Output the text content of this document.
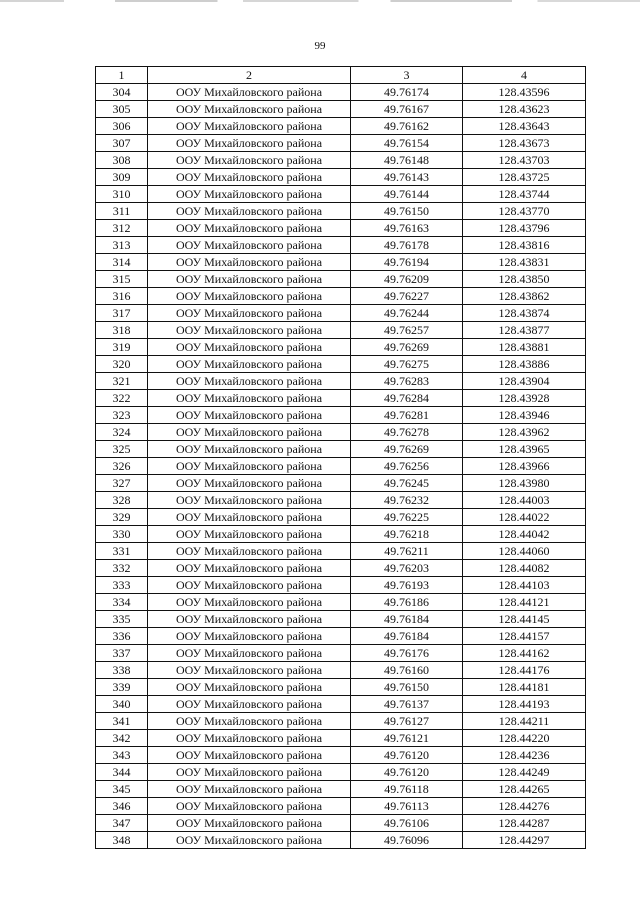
99
1	2	3	4
304	ООУ Михайловского района	49.76174	128.43596
305	ООУ Михайловского района	49.76167	128.43623
306	ООУ Михайловского района	49.76162	128.43643
307	ООУ Михайловского района	49.76154	128.43673
308	ООУ Михайловского района	49.76148	128.43703
309	ООУ Михайловского района	49.76143	128.43725
310	ООУ Михайловского района	49.76144	128.43744
311	ООУ Михайловского района	49.76150	128.43770
312	ООУ Михайловского района	49.76163	128.43796
313	ООУ Михайловского района	49.76178	128.43816
314	ООУ Михайловского района	49.76194	128.43831
315	ООУ Михайловского района	49.76209	128.43850
316	ООУ Михайловского района	49.76227	128.43862
317	ООУ Михайловского района	49.76244	128.43874
318	ООУ Михайловского района	49.76257	128.43877
319	ООУ Михайловского района	49.76269	128.43881
320	ООУ Михайловского района	49.76275	128.43886
321	ООУ Михайловского района	49.76283	128.43904
322	ООУ Михайловского района	49.76284	128.43928
323	ООУ Михайловского района	49.76281	128.43946
324	ООУ Михайловского района	49.76278	128.43962
325	ООУ Михайловского района	49.76269	128.43965
326	ООУ Михайловского района	49.76256	128.43966
327	ООУ Михайловского района	49.76245	128.43980
328	ООУ Михайловского района	49.76232	128.44003
329	ООУ Михайловского района	49.76225	128.44022
330	ООУ Михайловского района	49.76218	128.44042
331	ООУ Михайловского района	49.76211	128.44060
332	ООУ Михайловского района	49.76203	128.44082
333	ООУ Михайловского района	49.76193	128.44103
334	ООУ Михайловского района	49.76186	128.44121
335	ООУ Михайловского района	49.76184	128.44145
336	ООУ Михайловского района	49.76184	128.44157
337	ООУ Михайловского района	49.76176	128.44162
338	ООУ Михайловского района	49.76160	128.44176
339	ООУ Михайловского района	49.76150	128.44181
340	ООУ Михайловского района	49.76137	128.44193
341	ООУ Михайловского района	49.76127	128.44211
342	ООУ Михайловского района	49.76121	128.44220
343	ООУ Михайловского района	49.76120	128.44236
344	ООУ Михайловского района	49.76120	128.44249
345	ООУ Михайловского района	49.76118	128.44265
346	ООУ Михайловского района	49.76113	128.44276
347	ООУ Михайловского района	49.76106	128.44287
348	ООУ Михайловского района	49.76096	128.44297
